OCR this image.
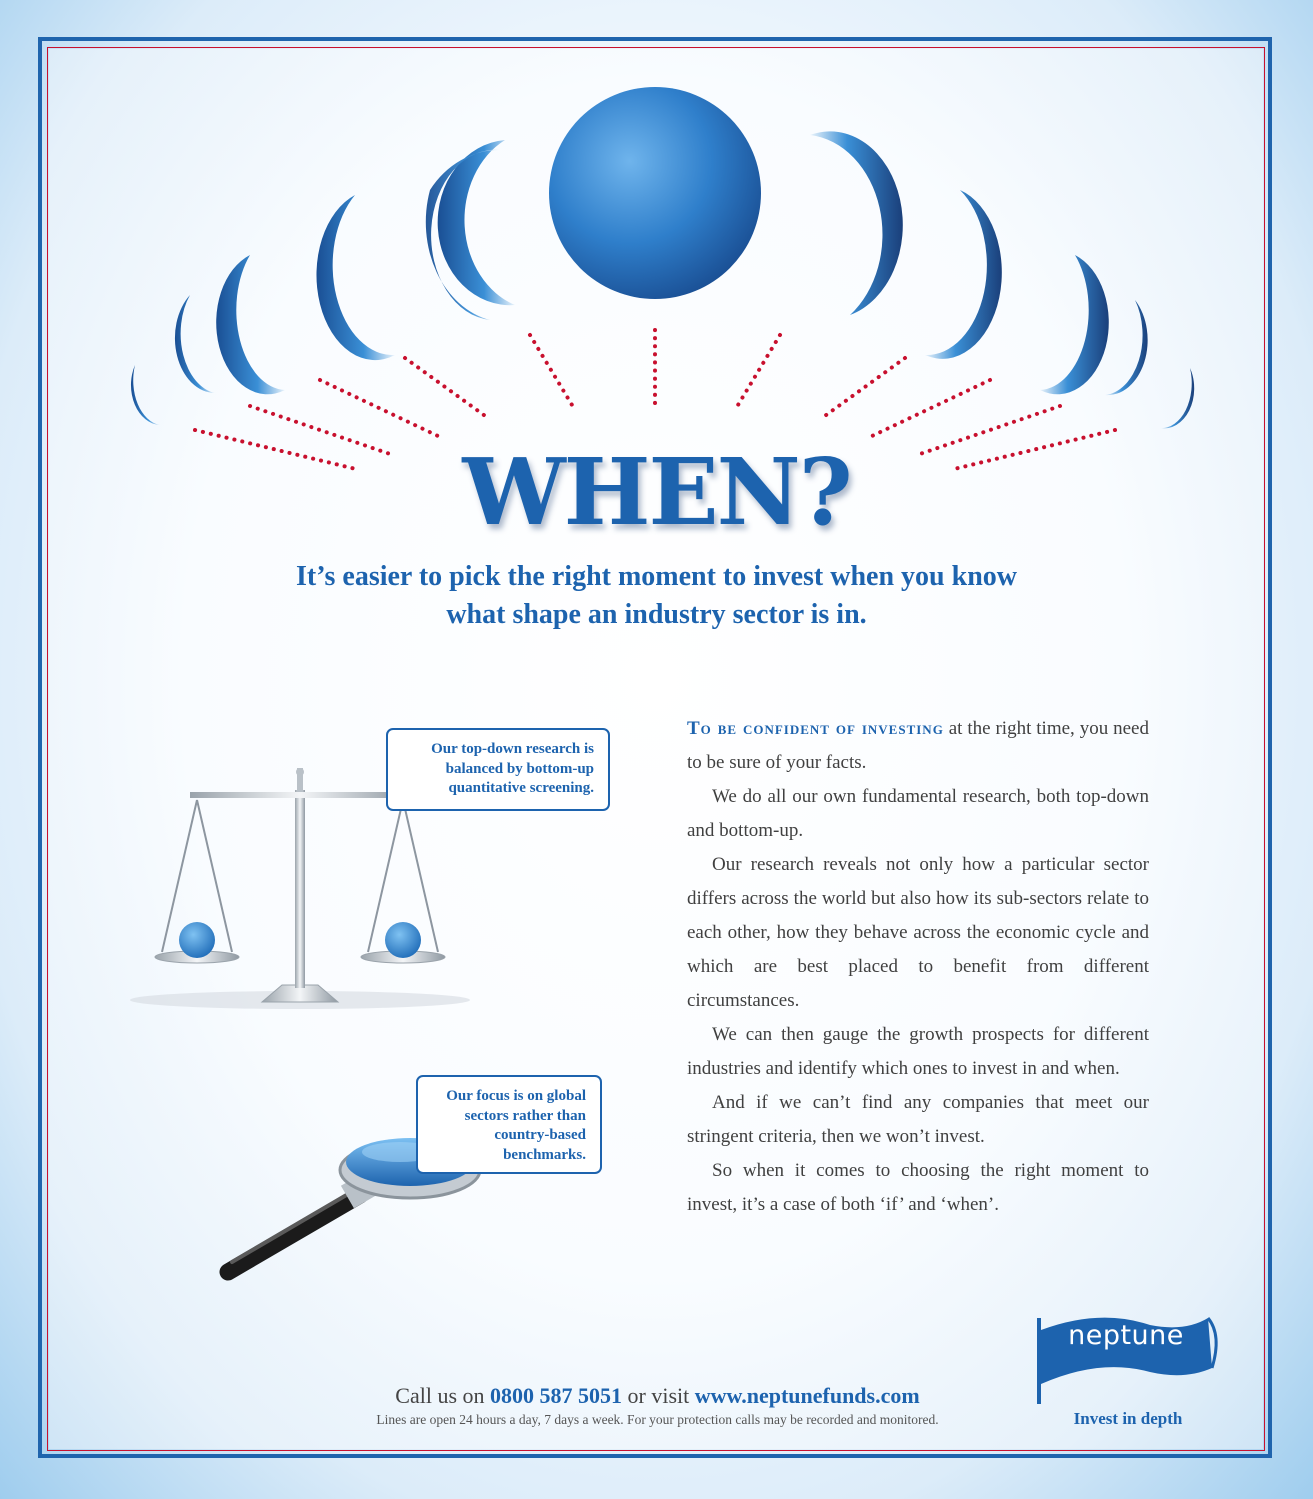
WHEN?
It’s easier to pick the right moment to invest when you know
what shape an industry sector is in.
Our top-down research is
balanced by bottom-up
quantitative screening.
Our focus is on global
sectors rather than
country-based
benchmarks.

To be confident of investing at the right time, you need to be sure of your facts.

We do all our own fundamental research, both top-down and bottom-up.

Our research reveals not only how a particular sector differs across the world but also how its sub-sectors relate to each other, how they behave across the economic cycle and which are best placed to benefit from different circumstances.

We can then gauge the growth prospects for different industries and identify which ones to invest in and when.

And if we can’t find any companies that meet our stringent criteria, then we won’t invest.

So when it comes to choosing the right moment to invest, it’s a case of both ‘if’ and ‘when’.

Call us on 0800 587 5051 or visit www.neptunefunds.com
Lines are open 24 hours a day, 7 days a week. For your protection calls may be recorded and monitored.
neptune
Invest in depth
